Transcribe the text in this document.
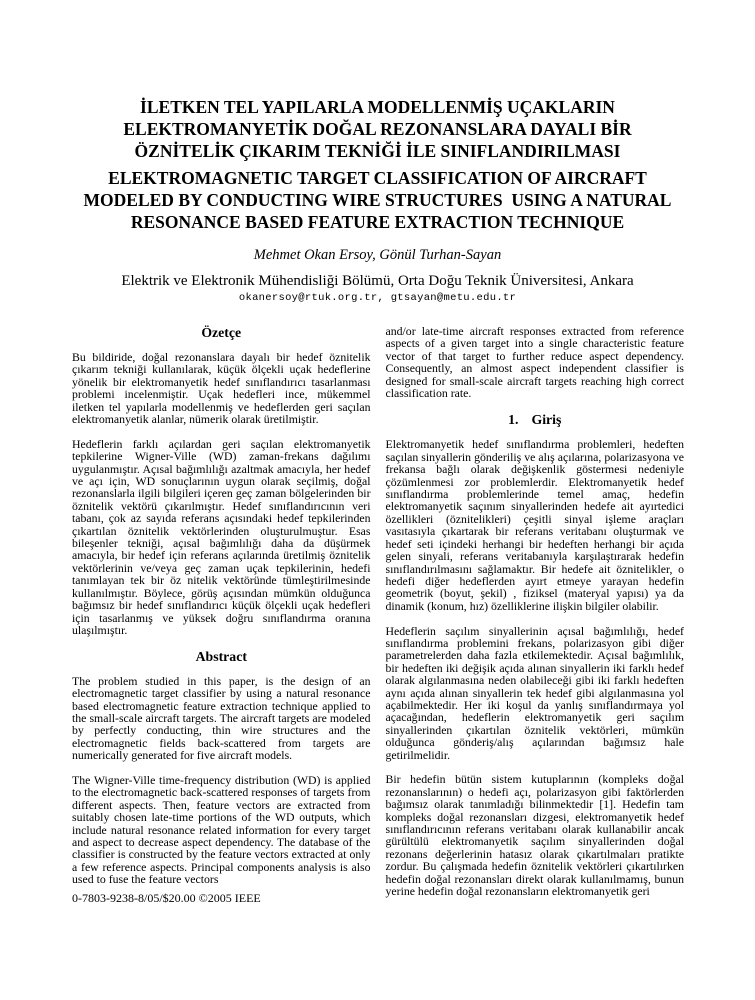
İLETKEN TEL YAPILARLA MODELLENMİŞ UÇAKLARIN
ELEKTROMANYETİK DOĞAL REZONANSLARA DAYALI BİR
ÖZNİTELİK ÇIKARIM TEKNİĞİ İLE SINIFLANDIRILMASI
ELEKTROMAGNETIC TARGET CLASSIFICATION OF AIRCRAFT
MODELED BY CONDUCTING WIRE STRUCTURES  USING A NATURAL
RESONANCE BASED FEATURE EXTRACTION TECHNIQUE
Mehmet Okan Ersoy, Gönül Turhan-Sayan
Elektrik ve Elektronik Mühendisliği Bölümü, Orta Doğu Teknik Üniversitesi, Ankara
okanersoy@rtuk.org.tr, gtsayan@metu.edu.tr
Özetçe

Bu bildiride, doğal rezonanslara dayalı bir hedef öznitelik çıkarım tekniği kullanılarak, küçük ölçekli uçak hedeflerine yönelik bir elektromanyetik hedef sınıflandırıcı tasarlanması problemi incelenmiştir. Uçak hedefleri ince, mükemmel iletken tel yapılarla modellenmiş ve hedeflerden geri saçılan elektromanyetik alanlar, nümerik olarak üretilmiştir.

Hedeflerin farklı açılardan geri saçılan elektromanyetik tepkilerine Wigner-Ville (WD) zaman-frekans dağılımı uygulanmıştır. Açısal bağımlılığı azaltmak amacıyla, her hedef ve açı için, WD sonuçlarının uygun olarak seçilmiş, doğal rezonanslarla ilgili bilgileri içeren geç zaman bölgelerinden bir öznitelik vektörü çıkarılmıştır. Hedef sınıflandırıcının veri tabanı, çok az sayıda referans açısındaki hedef tepkilerinden çıkartılan öznitelik vektörlerinden oluşturulmuştur. Esas bileşenler tekniği, açısal bağımlılığı daha da düşürmek amacıyla, bir hedef için referans açılarında üretilmiş öznitelik vektörlerinin ve/veya geç zaman uçak tepkilerinin, hedefi tanımlayan tek bir öz nitelik vektöründe tümleştirilmesinde kullanılmıştır. Böylece, görüş açısından mümkün olduğunca bağımsız bir hedef sınıflandırıcı küçük ölçekli uçak hedefleri için tasarlanmış ve yüksek doğru sınıflandırma oranına ulaşılmıştır.

Abstract

The problem studied in this paper, is the design of an electromagnetic target classifier by using a natural resonance based electromagnetic feature extraction technique applied to the small-scale aircraft targets. The aircraft targets are modeled by perfectly conducting, thin wire structures and the electromagnetic fields back-scattered from targets are numerically generated for five aircraft models.

The Wigner-Ville time-frequency distribution (WD) is applied to the electromagnetic back-scattered responses of targets from different aspects. Then, feature vectors are extracted from suitably chosen late-time portions of the WD outputs, which include natural resonance related information for every target and aspect to decrease aspect dependency. The database of the classifier is constructed by the feature vectors extracted at only a few reference aspects. Principal components analysis is also used to fuse the feature vectors

and/or late-time aircraft responses extracted from reference aspects of a given target into a single characteristic feature vector of that target to further reduce aspect dependency. Consequently, an almost aspect independent classifier is designed for small-scale aircraft targets reaching high correct classification rate.

1. Giriş

Elektromanyetik hedef sınıflandırma problemleri, hedeften saçılan sinyallerin gönderiliş ve alış açılarına, polarizasyona ve frekansa bağlı olarak değişkenlik göstermesi nedeniyle çözümlenmesi zor problemlerdir. Elektromanyetik hedef sınıflandırma problemlerinde temel amaç, hedefin elektromanyetik saçınım sinyallerinden hedefe ait ayırtedici özellikleri (öznitelikleri) çeşitli sinyal işleme araçları vasıtasıyla çıkartarak bir referans veritabanı oluşturmak ve hedef seti içindeki herhangi bir hedeften herhangi bir açıda gelen sinyali, referans veritabanıyla karşılaştırarak hedefin sınıflandırılmasını sağlamaktır. Bir hedefe ait öznitelikler, o hedefi diğer hedeflerden ayırt etmeye yarayan hedefin geometrik (boyut, şekil) , fiziksel (materyal yapısı) ya da dinamik (konum, hız) özelliklerine ilişkin bilgiler olabilir.

Hedeflerin saçılım sinyallerinin açısal bağımlılığı, hedef sınıflandırma problemini frekans, polarizasyon gibi diğer parametrelerden daha fazla etkilemektedir. Açısal bağımlılık, bir hedeften iki değişik açıda alınan sinyallerin iki farklı hedef olarak algılanmasına neden olabileceği gibi iki farklı hedeften aynı açıda alınan sinyallerin tek hedef gibi algılanmasına yol açabilmektedir. Her iki koşul da yanlış sınıflandırmaya yol açacağından, hedeflerin elektromanyetik geri saçılım sinyallerinden çıkartılan öznitelik vektörleri, mümkün olduğunca gönderiş/alış açılarından bağımsız hale getirilmelidir.

Bir hedefin bütün sistem kutuplarının (kompleks doğal rezonanslarının) o hedefi açı, polarizasyon gibi faktörlerden bağımsız olarak tanımladığı bilinmektedir [1]. Hedefin tam kompleks doğal rezonansları dizgesi, elektromanyetik hedef sınıflandırıcının referans veritabanı olarak kullanabilir ancak gürültülü elektromanyetik saçılım sinyallerinden doğal rezonans değerlerinin hatasız olarak çıkartılmaları pratikte zordur. Bu çalışmada hedefin öznitelik vektörleri çıkartılırken hedefin doğal rezonansları direkt olarak kullanılmamış, bunun yerine hedefin doğal rezonansların elektromanyetik geri

0-7803-9238-8/05/$20.00 ©2005 IEEE
